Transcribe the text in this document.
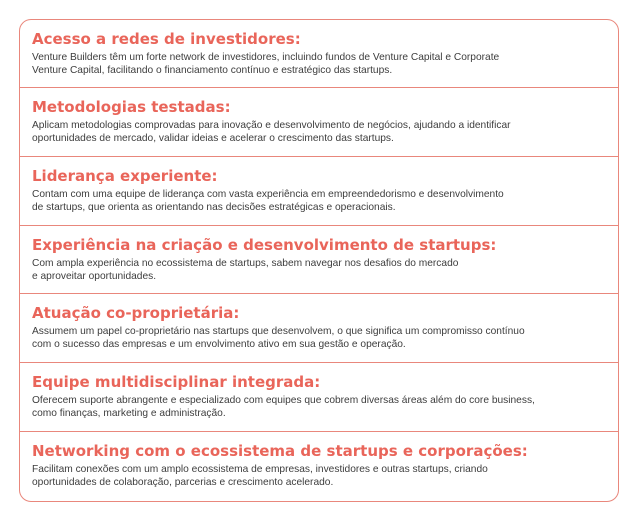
Acesso a redes de investidores:

Venture Builders têm um forte network de investidores, incluindo fundos de Venture Capital e Corporate
Venture Capital, facilitando o financiamento contínuo e estratégico das startups.

Metodologias testadas:

Aplicam metodologias comprovadas para inovação e desenvolvimento de negócios, ajudando a identificar
oportunidades de mercado, validar ideias e acelerar o crescimento das startups.

Liderança experiente:

Contam com uma equipe de liderança com vasta experiência em empreendedorismo e desenvolvimento
de startups, que orienta as orientando nas decisões estratégicas e operacionais.

Experiência na criação e desenvolvimento de startups:

Com ampla experiência no ecossistema de startups, sabem navegar nos desafios do mercado
e aproveitar oportunidades.

Atuação co-proprietária:

Assumem um papel co-proprietário nas startups que desenvolvem, o que significa um compromisso contínuo
com o sucesso das empresas e um envolvimento ativo em sua gestão e operação.

Equipe multidisciplinar integrada:

Oferecem suporte abrangente e especializado com equipes que cobrem diversas áreas além do core business,
como finanças, marketing e administração.

Networking com o ecossistema de startups e corporações:

Facilitam conexões com um amplo ecossistema de empresas, investidores e outras startups, criando
oportunidades de colaboração, parcerias e crescimento acelerado.
